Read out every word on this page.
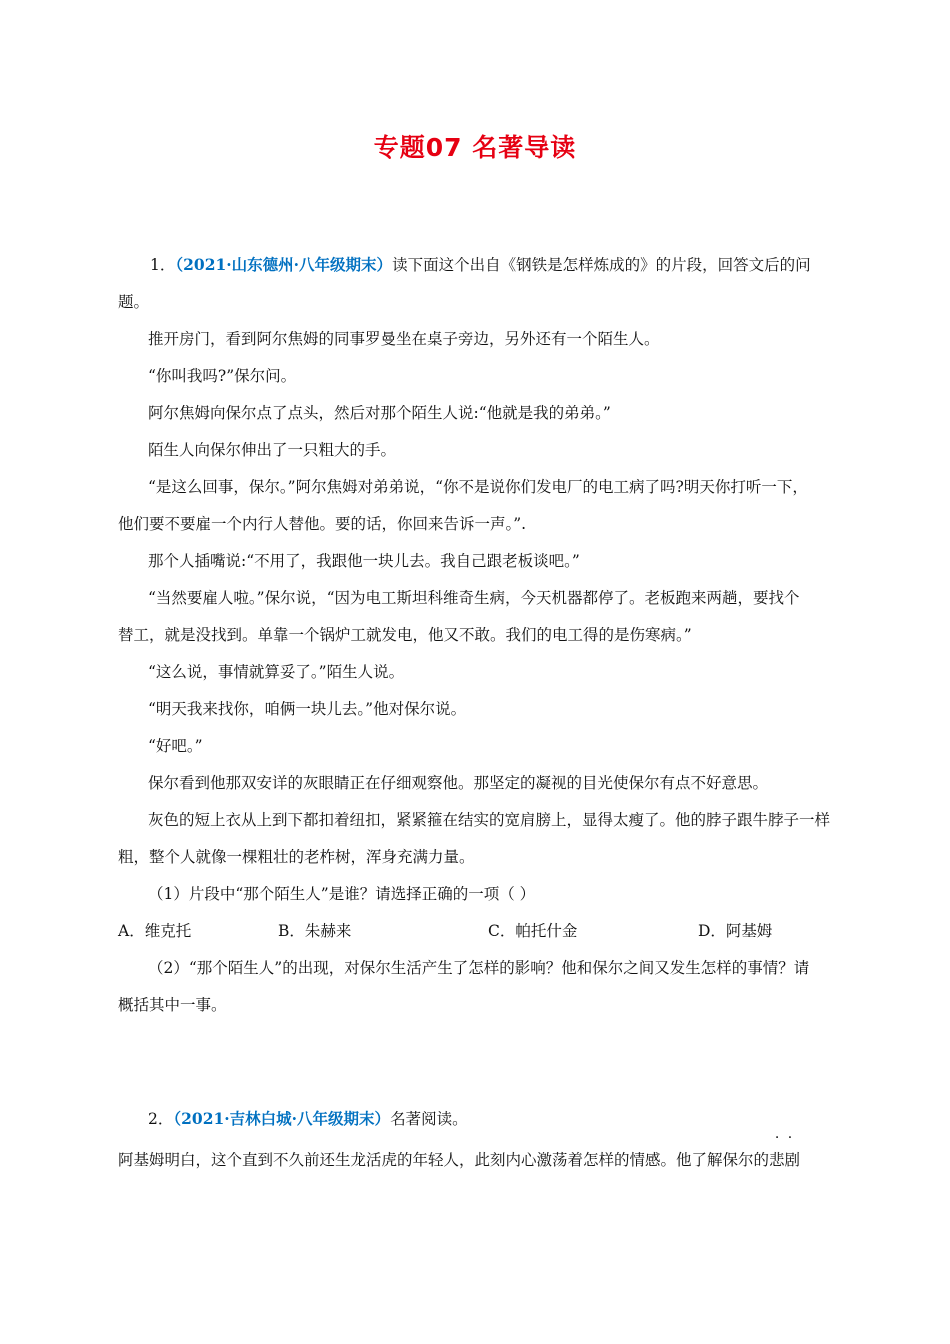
专题07 名著导读

1．（2021·山东德州·八年级期末）读下面这个出自《钢铁是怎样炼成的》的片段，回答文后的问

题。

推开房门，看到阿尔焦姆的同事罗曼坐在桌子旁边，另外还有一个陌生人。

“你叫我吗?”保尔问。

阿尔焦姆向保尔点了点头，然后对那个陌生人说:“他就是我的弟弟。”

陌生人向保尔伸出了一只粗大的手。

“是这么回事，保尔。”阿尔焦姆对弟弟说，“你不是说你们发电厂的电工病了吗?明天你打听一下，

他们要不要雇一个内行人替他。要的话，你回来告诉一声。”.

那个人插嘴说:“不用了，我跟他一块儿去。我自己跟老板谈吧。”

“当然要雇人啦。”保尔说，“因为电工斯坦科维奇生病，今天机器都停了。老板跑来两趟，要找个

替工，就是没找到。单靠一个锅炉工就发电，他又不敢。我们的电工得的是伤寒病。”

“这么说，事情就算妥了。”陌生人说。

“明天我来找你，咱俩一块儿去。”他对保尔说。

“好吧。”

保尔看到他那双安详的灰眼睛正在仔细观察他。那坚定的凝视的目光使保尔有点不好意思。

灰色的短上衣从上到下都扣着纽扣，紧紧箍在结实的宽肩膀上，显得太瘦了。他的脖子跟牛脖子一样

粗，整个人就像一棵粗壮的老柞树，浑身充满力量。

（1）片段中“那个陌生人”是谁？请选择正确的一项（ ）

A．维克托	B．朱赫来	C．帕托什金	D．阿基姆

（2）“那个陌生人”的出现，对保尔生活产生了怎样的影响？他和保尔之间又发生怎样的事情？请

概括其中一事。

2．（2021·吉林白城·八年级期末）名著阅读。

阿基姆明白，这个直到不久前还生龙活虎的年轻人，此刻内心激荡着怎样的情感。他了解保尔的· · 悲剧
